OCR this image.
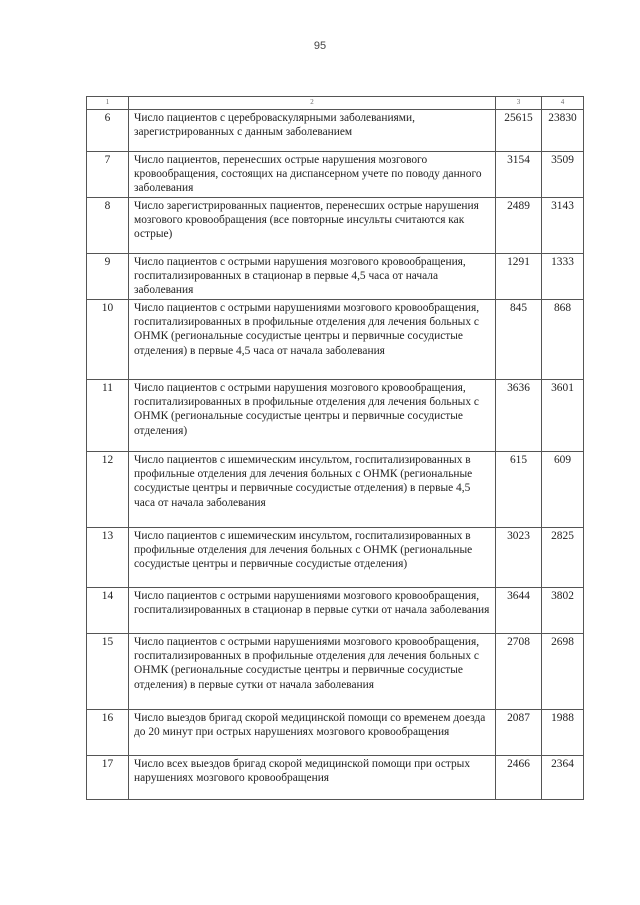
95
1	2	3	4
6	Число пациентов с цереброваскулярными заболеваниями, зарегистрированных с данным заболеванием	25615	23830
7	Число пациентов, перенесших острые нарушения мозгового кровообращения, состоящих на диспансерном учете по поводу данного заболевания	3154	3509
8	Число зарегистрированных пациентов, перенесших острые нарушения мозгового кровообращения (все повторные инсульты считаются как острые)	2489	3143
9	Число пациентов с острыми нарушения мозгового кровообращения, госпитализированных в стационар в первые 4,5 часа от начала заболевания	1291	1333
10	Число пациентов с острыми нарушениями мозгового кровообращения, госпитализированных в профильные отделения для лечения больных с ОНМК (региональные сосудистые центры и первичные сосудистые отделения) в первые 4,5 часа от начала заболевания	845	868
11	Число пациентов с острыми нарушения мозгового кровообращения, госпитализированных в профильные отделения для лечения больных с ОНМК (региональные сосудистые центры и первичные сосудистые отделения)	3636	3601
12	Число пациентов с ишемическим инсультом, госпитализированных в профильные отделения для лечения больных с ОНМК (региональные сосудистые центры и первичные сосудистые отделения) в первые 4,5 часа от начала заболевания	615	609
13	Число пациентов с ишемическим инсультом, госпитализированных в профильные отделения для лечения больных с ОНМК (региональные сосудистые центры и первичные сосудистые отделения)	3023	2825
14	Число пациентов с острыми нарушениями мозгового кровообращения, госпитализированных в стационар в первые сутки от начала заболевания	3644	3802
15	Число пациентов с острыми нарушениями мозгового кровообращения, госпитализированных в профильные отделения для лечения больных с ОНМК (региональные сосудистые центры и первичные сосудистые отделения) в первые сутки от начала заболевания	2708	2698
16	Число выездов бригад скорой медицинской помощи со временем доезда до 20 минут при острых нарушениях мозгового кровообращения	2087	1988
17	Число всех выездов бригад скорой медицинской помощи при острых нарушениях мозгового кровообращения	2466	2364
